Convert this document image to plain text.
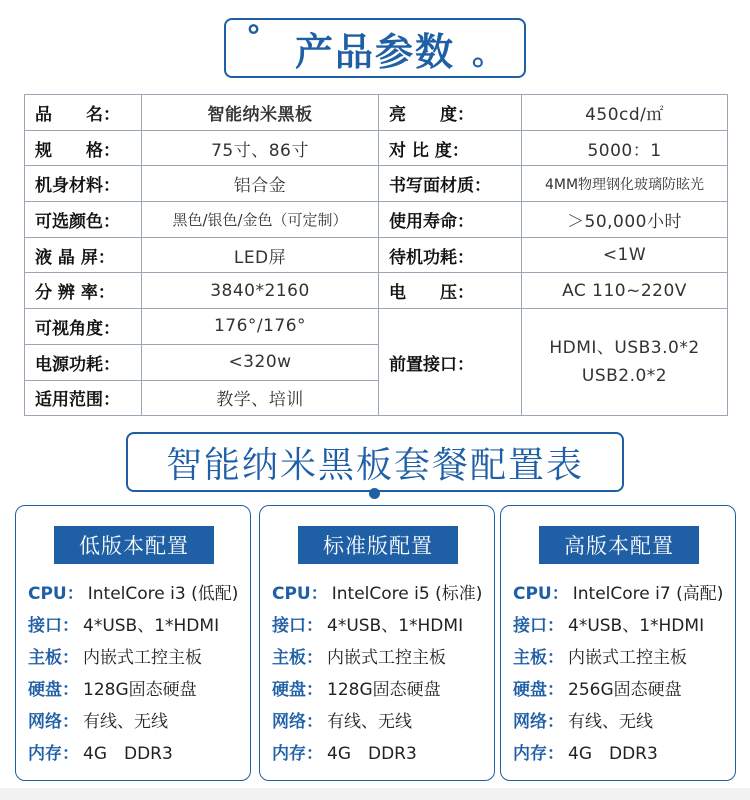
° 产品参数 。
品　　名：	智能纳米黑板	亮　　度：	450cd/㎡
规　　格：	75寸、86寸	对 比 度：	5000：1
机身材料：	铝合金	书写面材质：	4MM物理钢化玻璃防眩光
可选颜色：	黑色/银色/金色（可定制）	使用寿命：	＞50,000小时
液 晶 屏：	LED屏	待机功耗：	<1W
分 辨 率：	3840*2160	电　　压：	AC 110~220V
可视角度：	176°/176°	前置接口：	HDMI、USB3.0*2
USB2.0*2

电源功耗：	<320w		
适用范围：	教学、培训		
智能纳米黑板套餐配置表
低版本配置
CPU： IntelCore i3 (低配)
接口： 4*USB、1*HDMI
主板： 内嵌式工控主板
硬盘： 128G固态硬盘
网络： 有线、无线
内存： 4G　DDR3
标准版配置
CPU： IntelCore i5 (标准)
接口： 4*USB、1*HDMI
主板： 内嵌式工控主板
硬盘： 128G固态硬盘
网络： 有线、无线
内存： 4G　DDR3
高版本配置
CPU： IntelCore i7 (高配)
接口： 4*USB、1*HDMI
主板： 内嵌式工控主板
硬盘： 256G固态硬盘
网络： 有线、无线
内存： 4G　DDR3
